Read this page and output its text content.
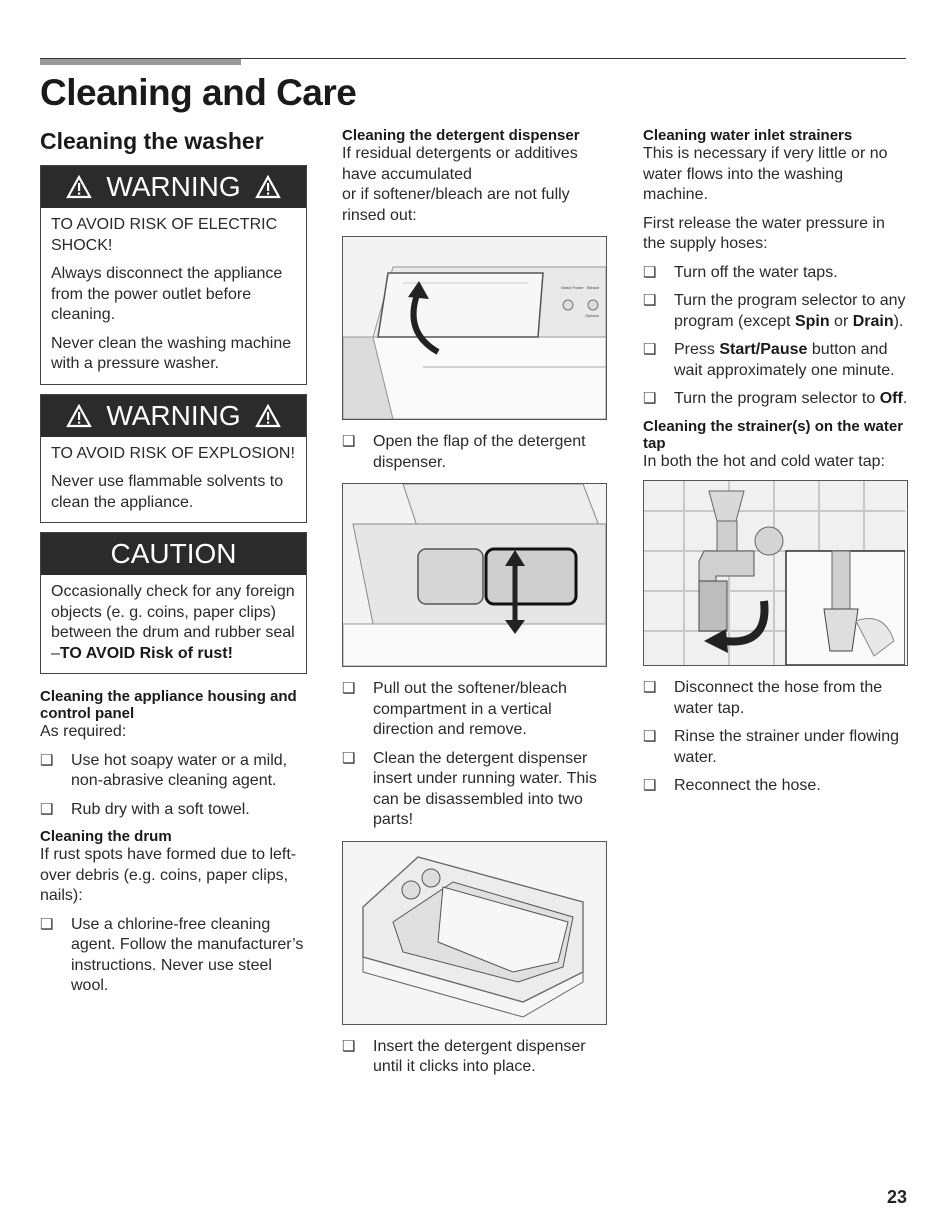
Cleaning and Care
Cleaning the washer
WARNING

TO AVOID RISK OF ELECTRIC SHOCK!

Always disconnect the appliance from the power outlet before cleaning.

Never clean the washing machine with a pressure washer.

WARNING

TO AVOID RISK OF EXPLOSION!

Never use flammable solvents to clean the appliance.

CAUTION

Occasionally check for any foreign objects (e. g. coins, paper clips) between the drum and rubber seal –TO AVOID Risk of rust!

Cleaning the appliance housing and control panel

As required:

❑	Use hot soapy water or a mild, non-abrasive cleaning agent.
❑	Rub dry with a soft towel.

Cleaning the drum

If rust spots have formed due to left-over debris (e.g. coins, paper clips, nails):

❑	Use a chlorine-free cleaning agent. Follow the manufacturer’s instructions. Never use steel wool.

Cleaning the detergent dispenser

If residual detergents or additives have accumulated
or if softener/bleach are not fully rinsed out:

Wash Power Bleach
Options
❑	Open the flap of the detergent dispenser.
❑	Pull out the softener/bleach compartment in a vertical direction and remove.
❑	Clean the detergent dispenser insert under running water. This can be disassembled into two parts!
❑	Insert the detergent dispenser until it clicks into place.

Cleaning water inlet strainers

This is necessary if very little or no water flows into the washing machine.

First release the water pressure in the supply hoses:

❑	Turn off the water taps.
❑	Turn the program selector to any program (except Spin or Drain).
❑	Press Start/Pause button and wait approximately one minute.
❑	Turn the program selector to Off.

Cleaning the strainer(s) on the water tap

In both the hot and cold water tap:

❑	Disconnect the hose from the water tap.
❑	Rinse the strainer under flowing water.
❑	Reconnect the hose.
23
